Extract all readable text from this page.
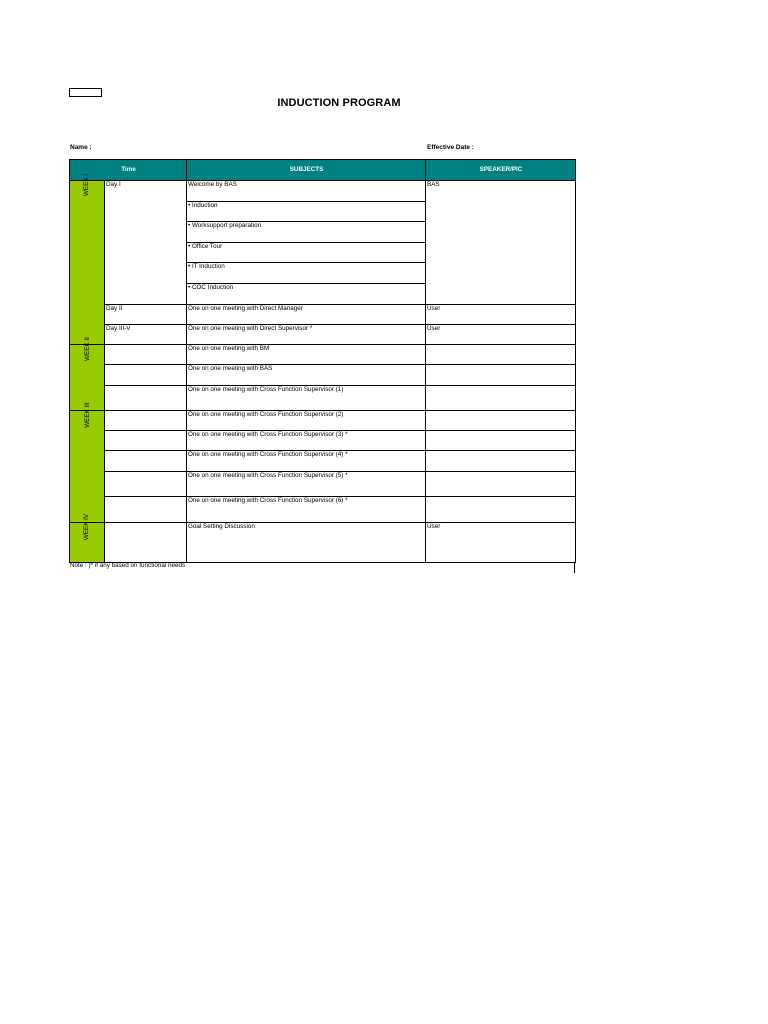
INDUCTION PROGRAM
Name :	Effective Date :
Time		SUBJECTS	SPEAKER/PIC
WEEK I	Day I	Welcome by BAS	BAS
		• Induction	
		• Worksupport preparation	
		• Office Tour	
		• IT Induction	
		• COC Induction	
	Day II	One on one meeting with Direct Manager	User
	Day III-V	One on one meeting with Direct Supervisor *	User
WEEK II		One on one meeting with BM	
		One on one meeting with BAS	
		One on one meeting with Cross Function Supervisor (1)	
WEEK III		One on one meeting with Cross Function Supervisor (2)	
		One on one meeting with Cross Function Supervisor (3) *	
		One on one meeting with Cross Function Supervisor (4) *	
		One on one meeting with Cross Function Supervisor (5) *	
		One on one meeting with Cross Function Supervisor (6) *	
WEEK IV		Goal Setting Discussion	User
Note : )* if any based on functional needs
